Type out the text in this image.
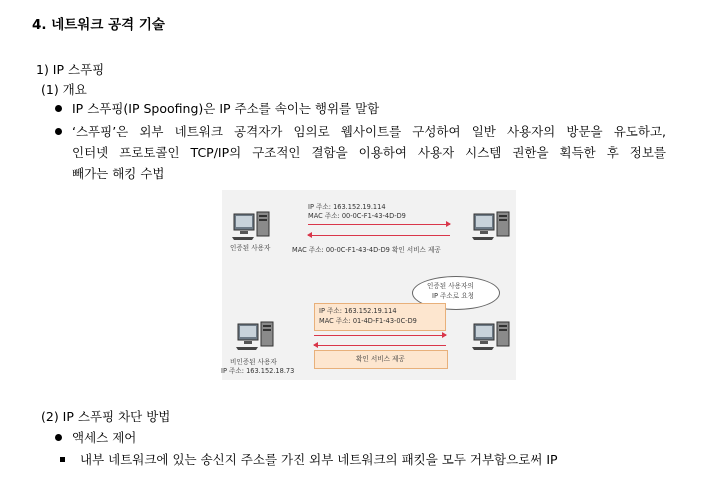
4. 네트워크 공격 기술
1) IP 스푸핑
(1) 개요
IP 스푸핑(IP Spoofing)은 IP 주소를 속이는 행위를 말함
‘스푸핑’은 외부 네트워크 공격자가 임의로 웹사이트를 구성하여 일반 사용자의 방문을 유도하고,
인터넷 프로토콜인 TCP/IP의 구조적인 결함을 이용하여 사용자 시스템 권한을 획득한 후 정보를
빼가는 해킹 수법
인증된 사용자
IP 주소: 163.152.19.114
MAC 주소: 00-0C-F1-43-4D-D9
MAC 주소: 00-0C-F1-43-4D-D9 확인 서비스 제공
인증된 사용자의
IP 주소로 요청
IP 주소: 163.152.19.114
MAC 주소: 01-4D-F1-43-0C-D9
비인증된 사용자
IP 주소: 163.152.18.73
확인 서비스 제공
(2) IP 스푸핑 차단 방법
액세스 제어
내부 네트워크에 있는 송신지 주소를 가진 외부 네트워크의 패킷을 모두 거부함으로써 IP
